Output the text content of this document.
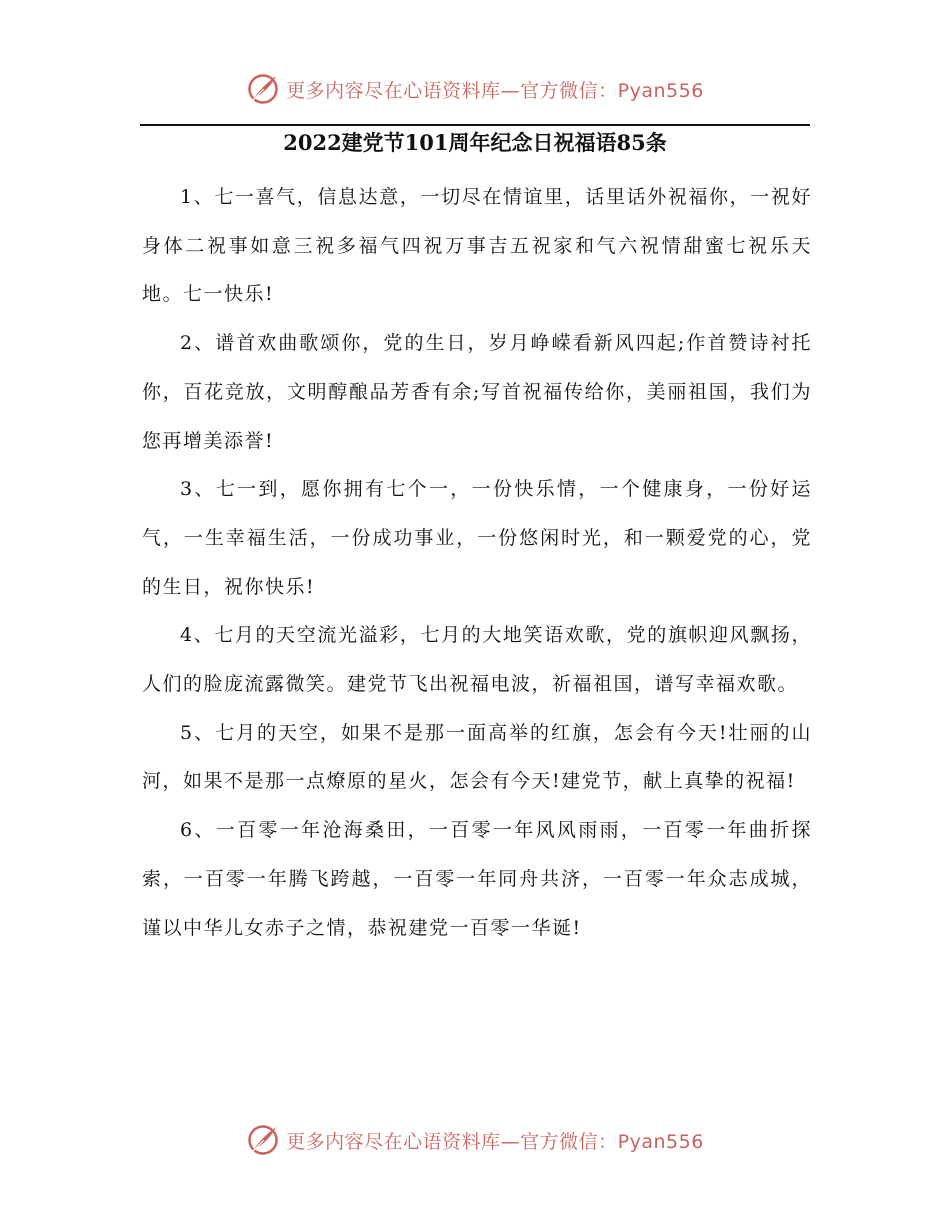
更多内容尽在心语资料库—官方微信：Pyan556
2022建党节101周年纪念日祝福语85条

1、七一喜气，信息达意，一切尽在情谊里，话里话外祝福你，一祝好身体二祝事如意三祝多福气四祝万事吉五祝家和气六祝情甜蜜七祝乐天地。七一快乐!

2、谱首欢曲歌颂你，党的生日，岁月峥嵘看新风四起;作首赞诗衬托你，百花竞放，文明醇酿品芳香有余;写首祝福传给你，美丽祖国，我们为您再增美添誉!

3、七一到，愿你拥有七个一，一份快乐情，一个健康身，一份好运气，一生幸福生活，一份成功事业，一份悠闲时光，和一颗爱党的心，党的生日，祝你快乐!

4、七月的天空流光溢彩，七月的大地笑语欢歌，党的旗帜迎风飘扬，人们的脸庞流露微笑。建党节飞出祝福电波，祈福祖国，谱写幸福欢歌。

5、七月的天空，如果不是那一面高举的红旗，怎会有今天!壮丽的山河，如果不是那一点燎原的星火，怎会有今天!建党节，献上真挚的祝福!

6、一百零一年沧海桑田，一百零一年风风雨雨，一百零一年曲折探索，一百零一年腾飞跨越，一百零一年同舟共济，一百零一年众志成城，谨以中华儿女赤子之情，恭祝建党一百零一华诞!

更多内容尽在心语资料库—官方微信：Pyan556
